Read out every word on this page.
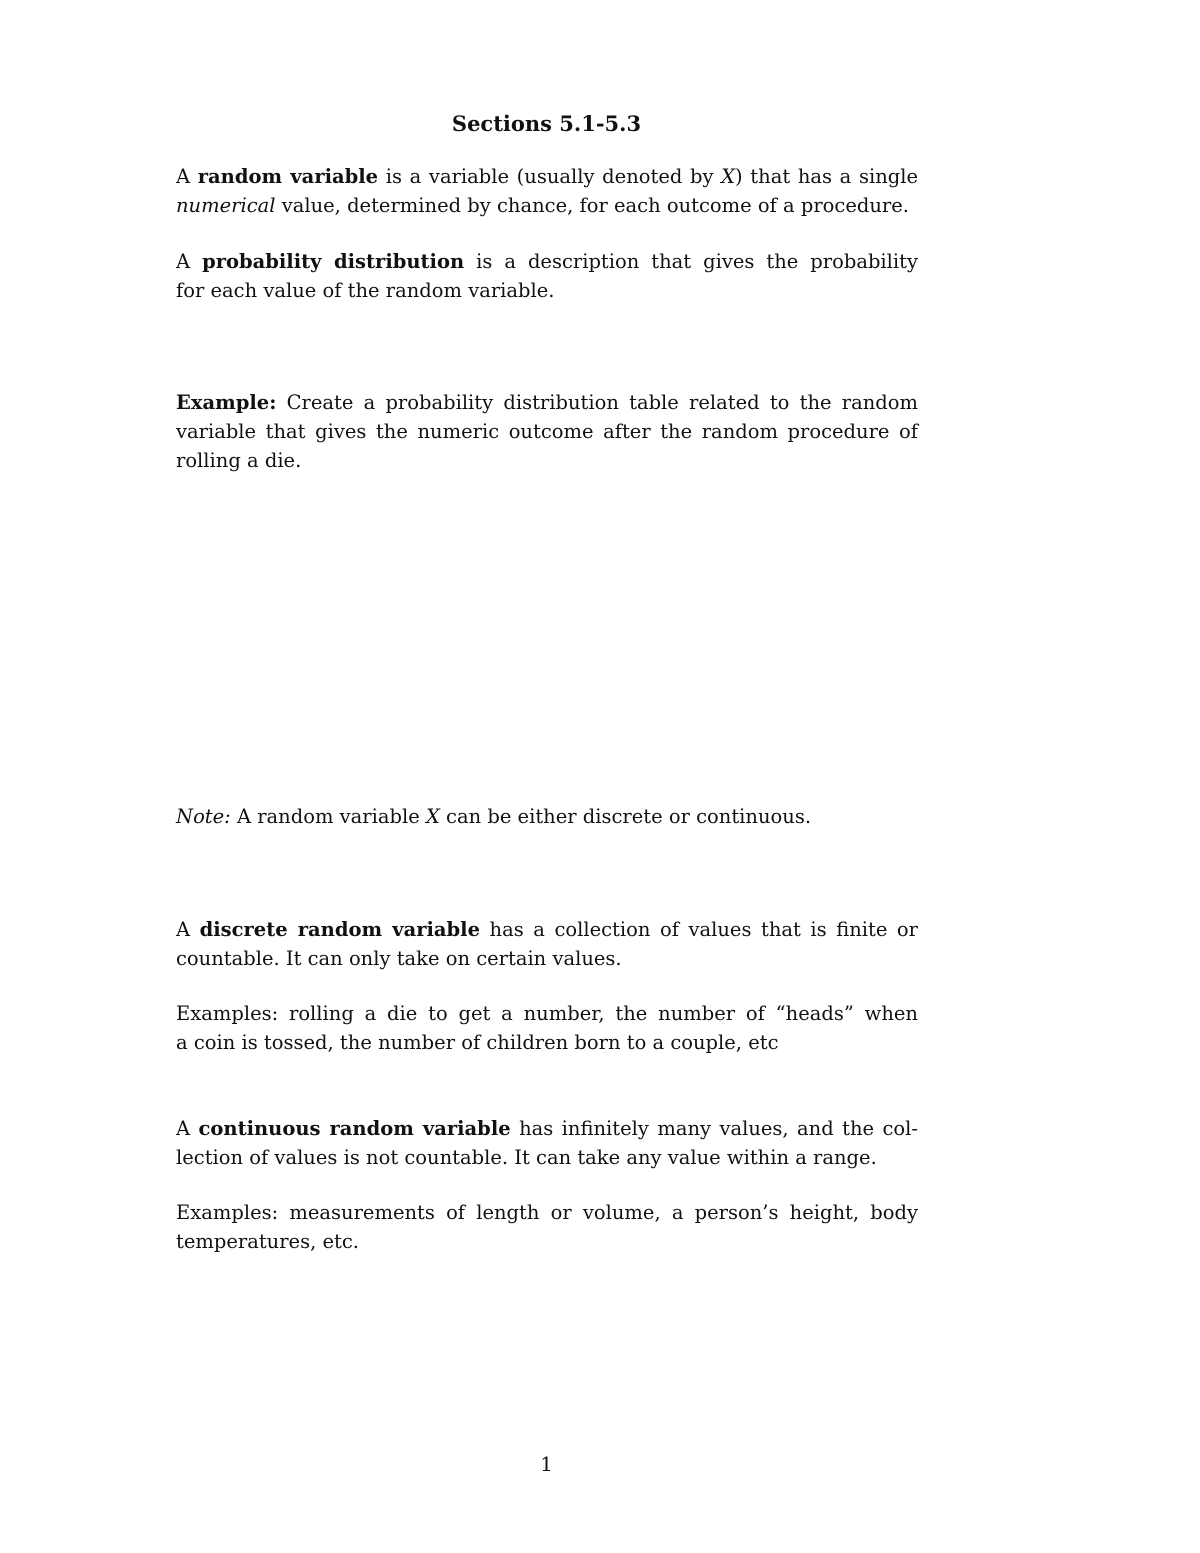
Sections 5.1-5.3
A random variable is a variable (usually denoted by X) that has a single
numerical value, determined by chance, for each outcome of a procedure.
A probability distribution is a description that gives the probability
for each value of the random variable.
Example: Create a probability distribution table related to the random
variable that gives the numeric outcome after the random procedure of
rolling a die.
Note: A random variable X can be either discrete or continuous.
A discrete random variable has a collection of values that is finite or
countable. It can only take on certain values.
Examples: rolling a die to get a number, the number of “heads” when
a coin is tossed, the number of children born to a couple, etc
A continuous random variable has infinitely many values, and the col-
lection of values is not countable. It can take any value within a range.
Examples: measurements of length or volume, a person’s height, body
temperatures, etc.
1
